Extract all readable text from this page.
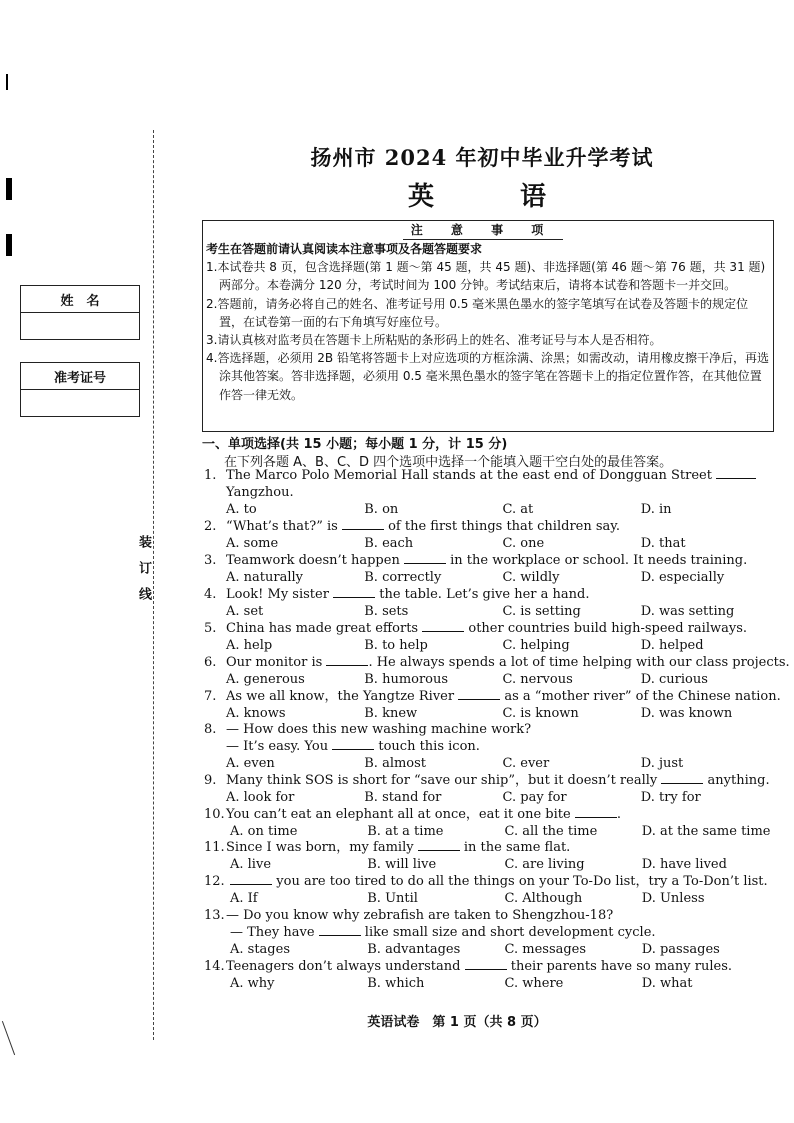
姓　名
准考证号
装　订　线
扬州市 2024 年初中毕业升学考试
英　语
注 意 事 项
考生在答题前请认真阅读本注意事项及各题答题要求
1.本试卷共 8 页，包含选择题(第 1 题～第 45 题，共 45 题)、非选择题(第 46 题～第 76 题，共 31 题)两部分。本卷满分 120 分，考试时间为 100 分钟。考试结束后，请将本试卷和答题卡一并交回。
2.答题前，请务必将自己的姓名、准考证号用 0.5 毫米黑色墨水的签字笔填写在试卷及答题卡的规定位置，在试卷第一面的右下角填写好座位号。
3.请认真核对监考员在答题卡上所粘贴的条形码上的姓名、准考证号与本人是否相符。
4.答选择题，必须用 2B 铅笔将答题卡上对应选项的方框涂满、涂黑；如需改动，请用橡皮擦干净后，再选涂其他答案。答非选择题，必须用 0.5 毫米黑色墨水的签字笔在答题卡上的指定位置作答，在其他位置作答一律无效。
一、单项选择(共 15 小题；每小题 1 分，计 15 分)
在下列各题 A、B、C、D 四个选项中选择一个能填入题干空白处的最佳答案。
1. The Marco Polo Memorial Hall stands at the east end of Dongguan Street
Yangzhou.
A. to	B. on	C. at	D. in
2. “What’s that?” is	of the first things that children say.
A. some	B. each	C. one	D. that
3. Teamwork doesn’t happen	in the workplace or school. It needs training.
A. naturally	B. correctly	C. wildly	D. especially
4. Look! My sister	the table. Let’s give her a hand.
A. set	B. sets	C. is setting	D. was setting
5. China has made great efforts	other countries build high-speed railways.
A. help	B. to help	C. helping	D. helped
6. Our monitor is	. He always spends a lot of time helping with our class projects.
A. generous	B. humorous	C. nervous	D. curious
7. As we all know，the Yangtze River	as a “mother river” of the Chinese nation.
A. knows	B. knew	C. is known	D. was known
8. — How does this new washing machine work?
— It’s easy. You	touch this icon.
A. even	B. almost	C. ever	D. just
9. Many think SOS is short for “save our ship”，but it doesn’t really	anything.
A. look for	B. stand for	C. pay for	D. try for
10.You can’t eat an elephant all at once，eat it one bite	.
A. on time	B. at a time	C. all the time	D. at the same time
11.Since I was born，my family	in the same flat.
A. live	B. will live	C. are living	D. have lived
12.	you are too tired to do all the things on your To-Do list，try a To-Don’t list.
A. If	B. Until	C. Although	D. Unless
13.— Do you know why zebrafish are taken to Shengzhou-18?
— They have	like small size and short development cycle.
A. stages	B. advantages	C. messages	D. passages
14.Teenagers don’t always understand	their parents have so many rules.
A. why	B. which	C. where	D. what
英语试卷　第 1 页（共 8 页）
